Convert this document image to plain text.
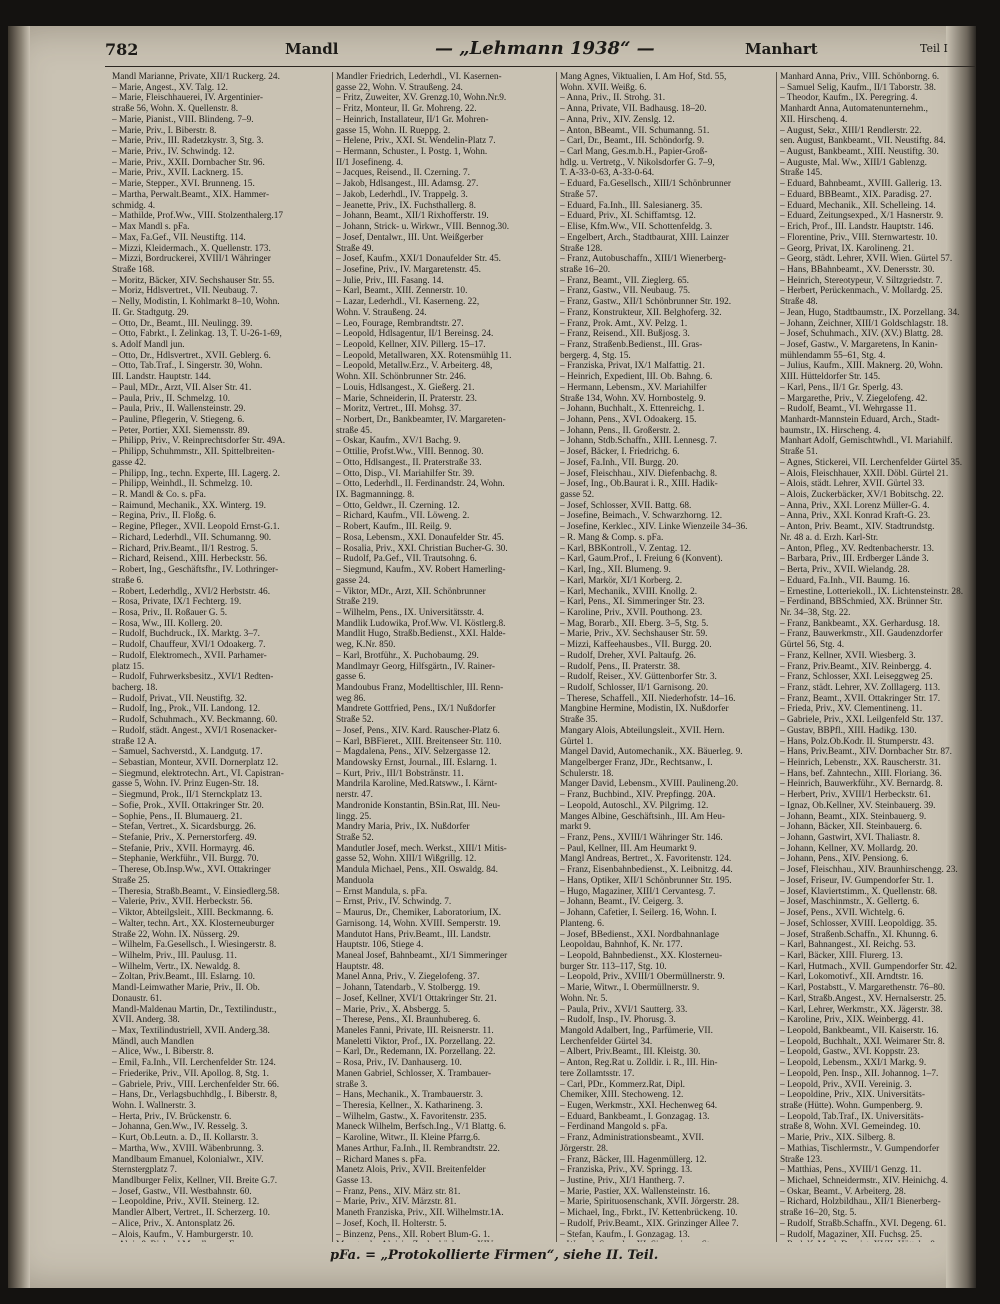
782	Mandl	— „Lehmann 1938“ —	Manhart	Teil I
Mandl Marianne, Private, XII/1 Ruckerg. 24.
– Marie, Angest., XV. Talg. 12.
– Marie, Fleischhauerei, IV. Argentinier-
straße 56, Wohn. X. Quellenstr. 8.
– Marie, Pianist., VIII. Blindeng. 7–9.
– Marie, Priv., I. Biberstr. 8.
– Marie, Priv., III. Radetzkystr. 3, Stg. 3.
– Marie, Priv., IV. Schwindg. 12.
– Marie, Priv., XXII. Dornbacher Str. 96.
– Marie, Priv., XVII. Lacknerg. 15.
– Marie, Stepper., XVI. Brunneng. 15.
– Martha, Perwalt.Beamt., XIX. Hammer-
schmidg. 4.
– Mathilde, Prof.Ww., VIII. Stolzenthalerg.17
– Max Mandl s. pFa.
– Max, Fa.Gef., VII. Neustiftg. 114.
– Mizzi, Kleidermach., X. Quellenstr. 173.
– Mizzi, Bordruckerei, XVIII/1 Währinger
Straße 168.
– Moritz, Bäcker, XIV. Sechshauser Str. 55.
– Moriz, Hdlsvertret., VII. Neubaug. 7.
– Nelly, Modistin, I. Kohlmarkt 8–10, Wohn.
II. Gr. Stadtgutg. 29.
– Otto, Dr., Beamt., III. Neulingg. 39.
– Otto, Fabrkt., I. Zelinkag. 13, T. U-26-1-69,
s. Adolf Mandl jun.
– Otto, Dr., Hdlsvertret., XVII. Geblerg. 6.
– Otto, Tab.Traf., I. Singerstr. 30, Wohn.
III. Landstr. Hauptstr. 144.
– Paul, MDr., Arzt, VII. Alser Str. 41.
– Paula, Priv., II. Schmelzg. 10.
– Paula, Priv., II. Wallensteinstr. 29.
– Pauline, Pflegerin, V. Stiegeng. 6.
– Peter, Portier, XXI. Siemensstr. 89.
– Philipp, Priv., V. Reinprechtsdorfer Str. 49A.
– Philipp, Schuhmmstr., XII. Spittelbreiten-
gasse 42.
– Philipp, Ing., techn. Experte, III. Lagerg. 2.
– Philipp, Weinhdl., II. Schmelzg. 10.
– R. Mandl & Co. s. pFa.
– Raimund, Mechanik., XX. Winterg. 19.
– Regina, Priv., II. Floßg. 6.
– Regine, Pfleger., XVII. Leopold Ernst-G.1.
– Richard, Lederhdl., VII. Schumanng. 90.
– Richard, Priv.Beamt., II/1 Restrog. 5.
– Richard, Reisend., XIII. Herbeckstr. 56.
– Robert, Ing., Geschäftsfhr., IV. Lothringer-
straße 6.
– Robert, Lederhdlg., XVI/2 Herbststr. 46.
– Rosa, Private, IX/1 Fechterg. 19.
– Rosa, Priv., II. Roßauer G. 5.
– Rosa, Ww., III. Kollerg. 20.
– Rudolf, Buchdruck., IX. Marktg. 3–7.
– Rudolf, Chauffeur, XVI/1 Odoakerg. 7.
– Rudolf, Elektromech., XVII. Parhamer-
platz 15.
– Rudolf, Fuhrwerksbesitz., XVI/1 Redten-
bacherg. 18.
– Rudolf, Privat., VII. Neustiftg. 32.
– Rudolf, Ing., Prok., VII. Landong. 12.
– Rudolf, Schuhmach., XV. Beckmanng. 60.
– Rudolf, städt. Angest., XVI/1 Rosenacker-
straße 12 A.
– Samuel, Sachverstd., X. Landgutg. 17.
– Sebastian, Monteur, XVII. Dornerplatz 12.
– Siegmund, elektrotechn. Art., VI. Capistran-
gasse 5, Wohn. IV. Prinz Eugen-Str. 18.
– Siegmund, Prok., II/1 Sternckplatz 13.
– Sofie, Prok., XVII. Ottakringer Str. 20.
– Sophie, Pens., II. Blumauerg. 21.
– Stefan, Vertret., X. Sicardsburgg. 26.
– Stefanie, Priv., X. Pernerstorferg. 49.
– Stefanie, Priv., XVII. Hormayrg. 46.
– Stephanie, Werkführ., VII. Burgg. 70.
– Therese, Ob.Insp.Ww., XVI. Ottakringer
Straße 25.
– Theresia, Straßb.Beamt., V. Einsiedlerg.58.
– Valerie, Priv., XVII. Herbeckstr. 56.
– Viktor, Abteilgsleit., XIII. Beckmanng. 6.
– Walter, techn. Art., XX. Klosterneuburger
Straße 22, Wohn. IX. Nüsserg. 29.
– Wilhelm, Fa.Gesellsch., I. Wiesingerstr. 8.
– Wilhelm, Priv., III. Paulusg. 11.
– Wilhelm, Vertr., IX. Newaldg. 8.
– Zoltan, Priv.Beamt., III. Eslarng. 10.
Mandl-Leimwather Marie, Priv., II. Ob.
Donaustr. 61.
Mandl-Maldenau Martin, Dr., Textilindustr.,
XVII. Anderg. 38.
– Max, Textilindustriell, XVII. Anderg.38.
Mändl, auch Mandlen
– Alice, Ww., I. Biberstr. 8.
– Emil, Fa.Inh., VII. Lerchenfelder Str. 124.
– Friederike, Priv., VII. Apollog. 8, Stg. 1.
– Gabriele, Priv., VIII. Lerchenfelder Str. 66.
– Hans, Dr., Verlagsbuchhdlg., I. Biberstr. 8,
Wohn. I. Wallnerstr. 3.
– Herta, Priv., IV. Brückenstr. 6.
– Johanna, Gen.Ww., IV. Resselg. 3.
– Kurt, Ob.Leutn. a. D., II. Kollarstr. 3.
– Martha, Ww., XVIII. Wäbenbrunng. 3.
Mandlbaum Emanuel, Kolonialwr., XIV.
Sternstergplatz 7.
Mandlburger Felix, Kellner, VII. Breite G.7.
– Josef, Gastw., VII. Westbahnstr. 60.
– Leopoldine, Priv., XVII. Steinerg. 12.
Mandler Albert, Vertret., II. Scherzerg. 10.
– Alice, Priv., X. Antonsplatz 26.
– Alois, Kaufm., V. Hamburgerstr. 10.
Mandler Friedrich, Lederhdl., VI. Kasernen-
gasse 22, Wohn. V. Straußeng. 24.
– Fritz, Zuweiter, XV. Grenzg.10, Wohn.Nr.9.
– Fritz, Monteur, II. Gr. Mohreng. 22.
– Heinrich, Installateur, II/1 Gr. Mohren-
gasse 15, Wohn. II. Rueppg. 2.
– Helene, Priv., XXI. St. Wendelin-Platz 7.
– Hermann, Schuster., I. Postg. 1, Wohn.
II/1 Josefineng. 4.
– Jacques, Reisend., II. Czerning. 7.
– Jakob, Hdlsangest., III. Adamsg. 27.
– Jakob, Lederhdl., IV. Trappelg. 3.
– Jeanette, Priv., IX. Fuchsthallerg. 8.
– Johann, Beamt., XII/1 Rixhofferstr. 19.
– Johann, Strick- u. Wirkwr., VIII. Bennog.30.
– Josef, Dentalwr., III. Unt. Weißgerber
Straße 49.
– Josef, Kaufm., XXI/1 Donaufelder Str. 45.
– Josefine, Priv., IV. Margaretenstr. 45.
– Julie, Priv., III. Fasang. 14.
– Karl, Beamt., XIII. Zennerstr. 10.
– Lazar, Lederhdl., VI. Kaserneng. 22,
Wohn. V. Straußeng. 24.
– Leo, Fourage, Rembrandtstr. 27.
– Leopold, Hdlsagentur, II/1 Bereinsg. 24.
– Leopold, Kellner, XIV. Pillerg. 15–17.
– Leopold, Metallwaren, XX. Rotensmühlg 11.
– Leopold, Metallw.Erz., V. Arbeiterg. 48,
Wohn. XII. Schönbrunner Str. 246.
– Louis, Hdlsangest., X. Gießerg. 21.
– Marie, Schneiderin, II. Praterstr. 23.
– Moritz, Vertret., III. Mohsg. 37.
– Norbert, Dr., Bankbeamter, IV. Margareten-
straße 45.
– Oskar, Kaufm., XV/1 Bachg. 9.
– Ottilie, Profst.Ww., VIII. Bennog. 30.
– Otto, Hdlsangest., II. Praterstraße 33.
– Otto, Disp., VI. Mariahilfer Str. 39.
– Otto, Lederhdl., II. Ferdinandstr. 24, Wohn.
IX. Bagmanningg. 8.
– Otto, Geldwr., II. Czerning. 12.
– Richard, Kaufm., VII. Löweng. 2.
– Robert, Kaufm., III. Reilg. 9.
– Rosa, Lebensm., XXI. Donaufelder Str. 45.
– Rosalia, Priv., XXI. Christian Bucher-G. 30.
– Rudolf, Pa.Gef., VII. Trautsohng. 6.
– Siegmund, Kaufm., XV. Robert Hamerling-
gasse 24.
– Viktor, MDr., Arzt, XII. Schönbrunner
Straße 219.
– Wilhelm, Pens., IX. Universitätsstr. 4.
Mandlik Ludowika, Prof.Ww. VI. Köstlerg.8.
Mandlit Hugo, Straßb.Bedienst., XXI. Halde-
weg, K.Nr. 850.
– Karl, Brotführ., X. Puchobaumg. 29.
Mandlmayr Georg, Hilfsgärtn., IV. Rainer-
gasse 6.
Mandoubus Franz, Modelltischler, III. Renn-
weg 86.
Mandrete Gottfried, Pens., IX/1 Nußdorfer
Straße 52.
– Josef, Pens., XIV. Kard. Rauscher-Platz 6.
– Karl, BBFieret., XIII. Breitenseer Str. 110.
– Magdalena, Pens., XIV. Selzergasse 12.
Mandowsky Ernst, Journal., III. Eslarng. 1.
– Kurt, Priv., III/1 Bobstränstr. 11.
Mandrila Karoline, Med.Ratsww., I. Kärnt-
nerstr. 47.
Mandronide Konstantin, BSin.Rat, III. Neu-
lingg. 25.
Mandry Maria, Priv., IX. Nußdorfer
Straße 52.
Mandutler Josef, mech. Werkst., XIII/1 Mitis-
gasse 52, Wohn. XIII/1 Wißgrillg. 12.
Mandula Michael, Pens., XII. Oswaldg. 84.
Manduola
– Ernst Mandula, s. pFa.
– Ernst, Priv., IV. Schwindg. 7.
– Maurus, Dr., Chemiker, Laboratorium, IX.
Garnisong. 14, Wohn. XVIII. Semperstr. 19.
Mandutot Hans, Priv.Beamt., III. Landstr.
Hauptstr. 106, Stiege 4.
Maneal Josef, Bahnbeamt., XI/1 Simmeringer
Hauptstr. 48.
Manel Anna, Priv., V. Ziegelofeng. 37.
– Johann, Tatendarb., V. Stolbergg. 19.
– Josef, Kellner, XVI/1 Ottakringer Str. 21.
– Marie, Priv., X. Absbergg. 5.
– Therese, Pens., XI. Braunhubereg. 6.
Maneles Fanni, Private, III. Reisnerstr. 11.
Maneletti Viktor, Prof., IX. Porzellang. 22.
– Karl, Dr., Redemann, IX. Porzellang. 22.
– Rosa, Priv., IV. Danhauserg. 10.
Manen Gabriel, Schlosser, X. Trambauer-
straße 3.
– Hans, Mechanik., X. Trambauerstr. 3.
– Theresia, Kellner., X. Katharineng. 3.
– Wilhelm, Gastw., X. Favoritenstr. 235.
Maneck Wilhelm, Berfsch.Ing., V/1 Blattg. 6.
– Karoline, Witwr., II. Kleine Pfarrg.6.
Manes Arthur, Fa.Inh., II. Rembrandtstr. 22.
– Richard Manes s. pFa.
Manetz Alois, Priv., XVII. Breitenfelder
Gasse 13.
– Franz, Pens., XIV. März str. 81.
– Marie, Priv., XIV. Märzstr. 81.
Maneth Franziska, Priv., XII. Wilhelmstr.1A.
– Josef, Koch, II. Holterstr. 5.
– Binzenz, Pens., XII. Robert Blum-G. 1.
Mang Agnes, Viktualien, I. Am Hof, Std. 55,
Wohn. XVII. Weißg. 6.
– Anna, Priv., II. Strohg. 31.
– Anna, Private, VII. Badhausg. 18–20.
– Anna, Priv., XIV. Zenslg. 12.
– Anton, BBeamt., VII. Schumanng. 51.
– Carl, Dr., Beamt., III. Schöndorfg. 9.
– Carl Mang, Ges.m.b.H., Papier-Groß-
hdlg. u. Vertretg., V. Nikolsdorfer G. 7–9,
T. A-33-0-63, A-33-0-64.
– Eduard, Fa.Gesellsch., XIII/1 Schönbrunner
Straße 57.
– Eduard, Fa.Inh., III. Salesianerg. 35.
– Eduard, Priv., XI. Schiffamtsg. 12.
– Elise, Kfm.Ww., VII. Schottenfeldg. 3.
– Engelbert, Arch., Stadtbaurat, XIII. Lainzer
Straße 128.
– Franz, Autobuschaffn., XIII/1 Wienerberg-
straße 16–20.
– Franz, Beamt., VII. Zieglerg. 65.
– Franz, Gastw., VII. Neubaug. 75.
– Franz, Gastw., XII/1 Schönbrunner Str. 192.
– Franz, Konstrukteur, XII. Belghoferg. 32.
– Franz, Prok. Amt., XV. Pelzg. 1.
– Franz, Reisend., XII. Bußjosg. 3.
– Franz, Straßenb.Bedienst., III. Gras-
bergerg. 4, Stg. 15.
– Franziska, Privat, IX/1 Malfattig. 21.
– Heinrich, Expedient, III. Ob. Bahng. 6.
– Hermann, Lebensm., XV. Mariahilfer
Straße 134, Wohn. XV. Hornbostelg. 9.
– Johann, Buchhalt., X. Ettenreichg. 1.
– Johann, Pens., XVI. Odoakerg. 15.
– Johann, Pens., II. Großerstr. 2.
– Johann, Stdb.Schaffn., XIII. Lennesg. 7.
– Josef, Bäcker, I. Friedrichg. 6.
– Josef, Fa.Inh., VII. Burgg. 20.
– Josef, Fleischhau., XIV. Diefenbachg. 8.
– Josef, Ing., Ob.Baurat i. R., XIII. Hadik-
gasse 52.
– Josef, Schlosser, XVII. Battg. 68.
– Josefine, Beimach., V. Schwarzhorng. 12.
– Josefine, Kerklec., XIV. Linke Wienzeile 34–36.
– R. Mang & Comp. s. pFa.
– Karl, BBKontroll., V. Zentag. 12.
– Karl, Gaum.Prof., I. Freiung 6 (Konvent).
– Karl, Ing., XII. Blumeng. 9.
– Karl, Markör, XI/1 Korberg. 2.
– Karl, Mechanik., XVIII. Knollg. 2.
– Karl, Pens., XI. Simmeringer Str. 23.
– Karoline, Priv., XVII. Pouthong. 23.
– Mag, Borarb., XII. Eberg. 3–5, Stg. 5.
– Marie, Priv., XV. Sechshauser Str. 59.
– Mizzi, Kaffeehausbes., VII. Burgg. 20.
– Rudolf, Dreher, XVI. Paltaufg. 26.
– Rudolf, Pens., II. Praterstr. 38.
– Rudolf, Reiser., XV. Güttenborfer Str. 3.
– Rudolf, Schlosser, II/1 Garnisong. 20.
– Therese, Schaffell., XII. Niederhofstr. 14–16.
Mangbine Hermine, Modistin, IX. Nußdorfer
Straße 35.
Mangary Alois, Abteilungsleit., XVII. Hern.
Gürtel 1.
Mangel David, Automechanik., XX. Bäuerleg. 9.
Mangelberger Franz, JDr., Rechtsanw., I.
Schulerstr. 18.
Manger David, Lebensm., XVIII. Paulineng.20.
– Franz, Buchbind., XIV. Prepfingg. 20A.
– Leopold, Autoschl., XV. Pilgrimg. 12.
Manges Albine, Geschäftsinh., III. Am Heu-
markt 9.
– Franz, Pens., XVIII/1 Währinger Str. 146.
– Paul, Kellner, III. Am Heumarkt 9.
Mangl Andreas, Bertret., X. Favoritenstr. 124.
– Franz, Eisenbahnbedienst., X. Leibnitzg. 44.
– Hans, Optiker, XII/1 Schönbrunner Str. 195.
– Hugo, Magaziner, XIII/1 Cervantesg. 7.
– Johann, Beamt., IV. Ceigerg. 3.
– Johann, Cafetier, I. Seilerg. 16, Wohn. I.
Planteng. 6.
– Josef, BBedienst., XXI. Nordbahnanlage
Leopoldau, Bahnhof, K. Nr. 177.
– Leopold, Bahnbedienst., XX. Klosterneu-
burger Str. 113–117, Stg. 10.
– Leopold, Priv., XVIII/1 Obermüllnerstr. 9.
– Marie, Witwr., I. Obermüllnerstr. 9.
Wohn. Nr. 5.
– Paula, Priv., XVI/1 Sautterg. 33.
– Rudolf, Insp., IV. Phorusg. 3.
Mangold Adalbert, Ing., Parfümerie, VII.
Lerchenfelder Gürtel 34.
– Albert, Priv.Beamt., III. Kleistg. 30.
– Anton, Reg.Rat u. Zolldir. i. R., III. Hin-
tere Zollamtsstr. 17.
– Carl, PDr., Kommerz.Rat, Dipl.
Chemiker, XIII. Stechoweng. 12.
– Eugen, Werkmstr., XXI. Hechenweg 64.
– Eduard, Bankbeamt., I. Gonzagag. 13.
– Ferdinand Mangold s. pFa.
– Franz, Administrationsbeamt., XVII.
Jörgerstr. 28.
– Franz, Bäcker, III. Hagenmüllerg. 12.
– Franziska, Priv., XV. Springg. 13.
– Justine, Priv., XI/1 Hantherg. 7.
– Marie, Pastier, XX. Wallensteinstr. 16.
– Marie, Spirituosenschank, XVII. Jörgerstr. 28.
– Michael, Ing., Fbrkt., IV. Kettenbrückeng. 10.
– Rudolf, Priv.Beamt., XIX. Grinzinger Allee 7.
– Stefan, Kaufm., I. Gonzagag. 13.
Manhard Anna, Priv., VIII. Schönborng. 6.
– Samuel Selig, Kaufm., II/1 Taborstr. 38.
– Theodor, Kaufm., IX. Peregring. 4.
Manhardt Anna, Automatenunternehm.,
XII. Hirschenq. 4.
– August, Sekr., XIII/1 Rendlerstr. 22.
sen. August, Bankbeamt., VII. Neustiftg. 84.
– August, Bankbeamt., XIII. Neustiftg. 30.
– Auguste, Mal. Ww., XIII/1 Gablenzg.
Straße 145.
– Eduard, Bahnbeamt., XVIII. Gallerig. 13.
– Eduard, BBBeamt., XIX. Paradisg. 27.
– Eduard, Mechanik., XII. Schelleing. 14.
– Eduard, Zeitungsexped., X/1 Hasnerstr. 9.
– Erich, Prof., III. Landstr. Hauptstr. 146.
– Florentine, Priv., VIII. Sternwartestr. 10.
– Georg, Privat, IX. Karolineng. 21.
– Georg, städt. Lehrer, XVII. Wien. Gürtel 57.
– Hans, BBahnbeamt., XV. Denersstr. 30.
– Heinrich, Stereotypeur, V. Siltzgriedstr. 7.
– Herbert, Perückenmach., V. Mollardg. 25.
Straße 48.
– Jean, Hugo, Stadtbaumstr., IX. Porzellang. 34.
– Johann, Zeichner, XIII/1 Goldschlagstr. 18.
– Josef, Schuhmach., XIV. (XV.) Blattg. 28.
– Josef, Gastw., V. Margaretens, In Kanin-
mühlendamm 55–61, Stg. 4.
– Julius, Kaufm., XIII. Maknerg. 20, Wohn.
XIII. Hütteldorfer Str. 145.
– Karl, Pens., II/1 Gr. Sperlg. 43.
– Margarethe, Priv., V. Ziegelofeng. 42.
– Rudolf, Beamt., VI. Wehrgasse 11.
Manhardt-Mannstein Eduard, Arch., Stadt-
baumstr., IX. Hirscheng. 4.
Manhart Adolf, Gemischtwhdl., VI. Mariahilf.
Straße 51.
– Agnes, Stickerei, VII. Lerchenfelder Gürtel 35.
– Alois, Fleischhauer, XXII. Döbl. Gürtel 21.
– Alois, städt. Lehrer, XVII. Gürtel 33.
– Alois, Zuckerbäcker, XV/1 Bobitschg. 22.
– Anna, Priv., XXI. Lorenz Müller-G. 4.
– Anna, Priv., XXI. Konrad Kraft-G. 23.
– Anton, Priv. Beamt., XIV. Stadtrundstg.
Nr. 48 a. d. Erzh. Karl-Str.
– Anton, Pfleg., XV. Redtenbacherstr. 13.
– Barbara, Priv., III. Erdberger Lände 3.
– Berta, Priv., XVII. Wielandg. 28.
– Eduard, Fa.Inh., VII. Baumg. 16.
– Ernestine, Lotteriekoll., IX. Lichtensteinstr. 28.
– Ferdinand, BBSchmied, XX. Brünner Str.
Nr. 34–38, Stg. 22.
– Franz, Bankbeamt., XX. Gerhardusg. 18.
– Franz, Bauwerkmstr., XII. Gaudenzdorfer
Gürtel 56, Stg. 4.
– Franz, Kellner, XVII. Wiesberg. 3.
– Franz, Priv.Beamt., XIV. Reinbergg. 4.
– Franz, Schlosser, XXI. Leiseggweg 25.
– Franz, städt. Lehrer, XV. Zolllagerg. 113.
– Franz, Beamt., XVII. Ottakringer Str. 17.
– Frieda, Priv., XV. Clementineng. 11.
– Gabriele, Priv., XXI. Leilgenfeld Str. 137.
– Gustav, BBPfl., XIII. Hadikg. 130.
– Hans, Polz.Ob.Kodr. II. Stumperstr. 43.
– Hans, Priv.Beamt., XIV. Dornbacher Str. 87.
– Heinrich, Lebenstr., XX. Rauscherstr. 31.
– Hans, bef. Zahntechn., XIII. Floriang. 36.
– Heinrich, Bauwerkführ., XV. Bernardg. 8.
– Herbert, Priv., XVIII/1 Herbeckstr. 61.
– Ignaz, Ob.Kellner, XV. Steinbauerg. 39.
– Johann, Beamt., XIX. Steinbauerg. 9.
– Johann, Bäcker, XII. Steinbauerg. 6.
– Johann, Gastwirt, XVI. Thaliastr. 8.
– Johann, Kellner, XV. Mollardg. 20.
– Johann, Pens., XIV. Pensiong. 6.
– Josef, Fleischhau., XIV. Braunhirschengg. 23.
– Josef, Friseur, IV. Gumpendorfer Str. 1.
– Josef, Klaviertstimm., X. Quellenstr. 68.
– Josef, Maschinmstr., X. Gellertg. 6.
– Josef, Pens., XVII. Wichtelg. 6.
– Josef, Schlosser, XVIII. Leopoldigg. 35.
– Josef, Straßenb.Schaffn., XI. Khunng. 6.
– Karl, Bahnangest., XI. Reichg. 53.
– Karl, Bäcker, XIII. Flurerg. 13.
– Karl, Hutmach., XVII. Gumpendorfer Str. 42.
– Karl, Lokomotivf., XII. Arndtstr. 16.
– Karl, Postabstt., V. Margarethenstr. 76–80.
– Karl, Straßb.Angest., XV. Hernalserstr. 25.
– Karl, Lehrer, Werkmstr., XX. Jägerstr. 38.
– Karoline, Priv., XIX. Weinbergg. 41.
– Leopold, Bankbeamt., VII. Kaiserstr. 16.
– Leopold, Buchhalt., XXI. Weimarer Str. 8.
– Leopold, Gastw., XVI. Koppstr. 23.
– Leopold, Lebensm., XXI/1 Markg. 9.
– Leopold, Pen. Insp., XII. Johannog. 1–7.
– Leopold, Priv., XVII. Vereinig. 3.
– Leopoldine, Priv., XIX. Universitäts-
straße (Hütte). Wohn. Gumpenberg. 9.
– Leopold, Tab.Traf., IX. Universitäts-
straße 8, Wohn. XVI. Gemeindeg. 10.
– Marie, Priv., XIX. Silberg. 8.
– Mathias, Tischlermstr., V. Gumpendorfer
Straße 123.
– Matthias, Pens., XVIII/1 Genzg. 11.
– Michael, Schneidermstr., XIV. Heinichg. 4.
– Oskar, Beamt., V. Arbeiterg. 28.
– Richard, Holzbildhau., XII/1 Bienerberg-
straße 16–20, Stg. 5.
– Rudolf, Straßb.Schaffn., XVI. Degeng. 61.
– Rudolf, Magaziner, XII. Fuchsg. 25.
pFa. = „Protokollierte Firmen“, siehe II. Teil.
